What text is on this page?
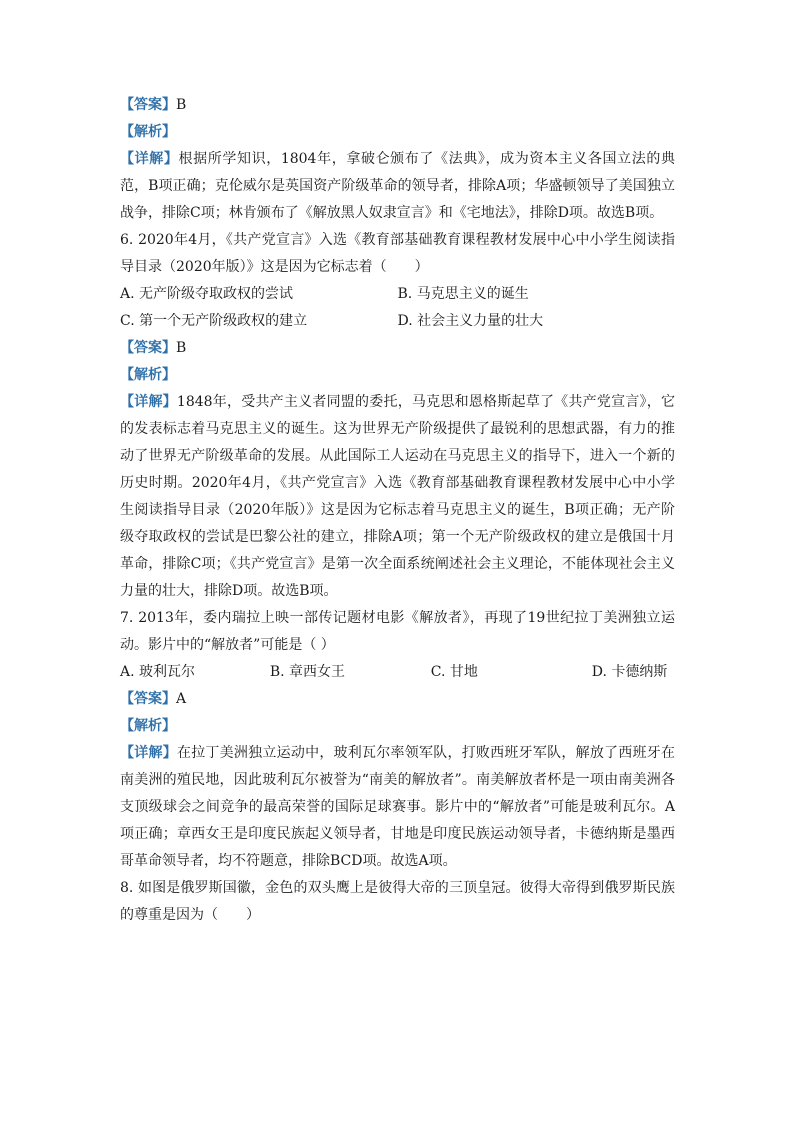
【答案】B
【解析】
【详解】根据所学知识，1804年，拿破仑颁布了《法典》，成为资本主义各国立法的典范，B项正确；克伦威尔是英国资产阶级革命的领导者，排除A项；华盛顿领导了美国独立战争，排除C项；林肯颁布了《解放黑人奴隶宣言》和《宅地法》，排除D项。故选B项。
6. 2020年4月，《共产党宣言》入选《教育部基础教育课程教材发展中心中小学生阅读指导目录（2020年版）》这是因为它标志着（　　）
A. 无产阶级夺取政权的尝试	B. 马克思主义的诞生
C. 第一个无产阶级政权的建立	D. 社会主义力量的壮大
【答案】B
【解析】
【详解】1848年，受共产主义者同盟的委托，马克思和恩格斯起草了《共产党宣言》，它的发表标志着马克思主义的诞生。这为世界无产阶级提供了最锐利的思想武器，有力的推动了世界无产阶级革命的发展。从此国际工人运动在马克思主义的指导下，进入一个新的历史时期。2020年4月，《共产党宣言》入选《教育部基础教育课程教材发展中心中小学生阅读指导目录（2020年版）》这是因为它标志着马克思主义的诞生，B项正确；无产阶级夺取政权的尝试是巴黎公社的建立，排除A项；第一个无产阶级政权的建立是俄国十月革命，排除C项；《共产党宣言》是第一次全面系统阐述社会主义理论，不能体现社会主义力量的壮大，排除D项。故选B项。
7. 2013年，委内瑞拉上映一部传记题材电影《解放者》，再现了19世纪拉丁美洲独立运动。影片中的“解放者”可能是（ ）
A. 玻利瓦尔	B. 章西女王	C. 甘地	D. 卡德纳斯
【答案】A
【解析】
【详解】在拉丁美洲独立运动中，玻利瓦尔率领军队，打败西班牙军队，解放了西班牙在南美洲的殖民地，因此玻利瓦尔被誉为“南美的解放者”。南美解放者杯是一项由南美洲各支顶级球会之间竞争的最高荣誉的国际足球赛事。影片中的“解放者”可能是玻利瓦尔。A项正确；章西女王是印度民族起义领导者，甘地是印度民族运动领导者，卡德纳斯是墨西哥革命领导者，均不符题意，排除BCD项。故选A项。
8. 如图是俄罗斯国徽，金色的双头鹰上是彼得大帝的三顶皇冠。彼得大帝得到俄罗斯民族的尊重是因为（　　）
